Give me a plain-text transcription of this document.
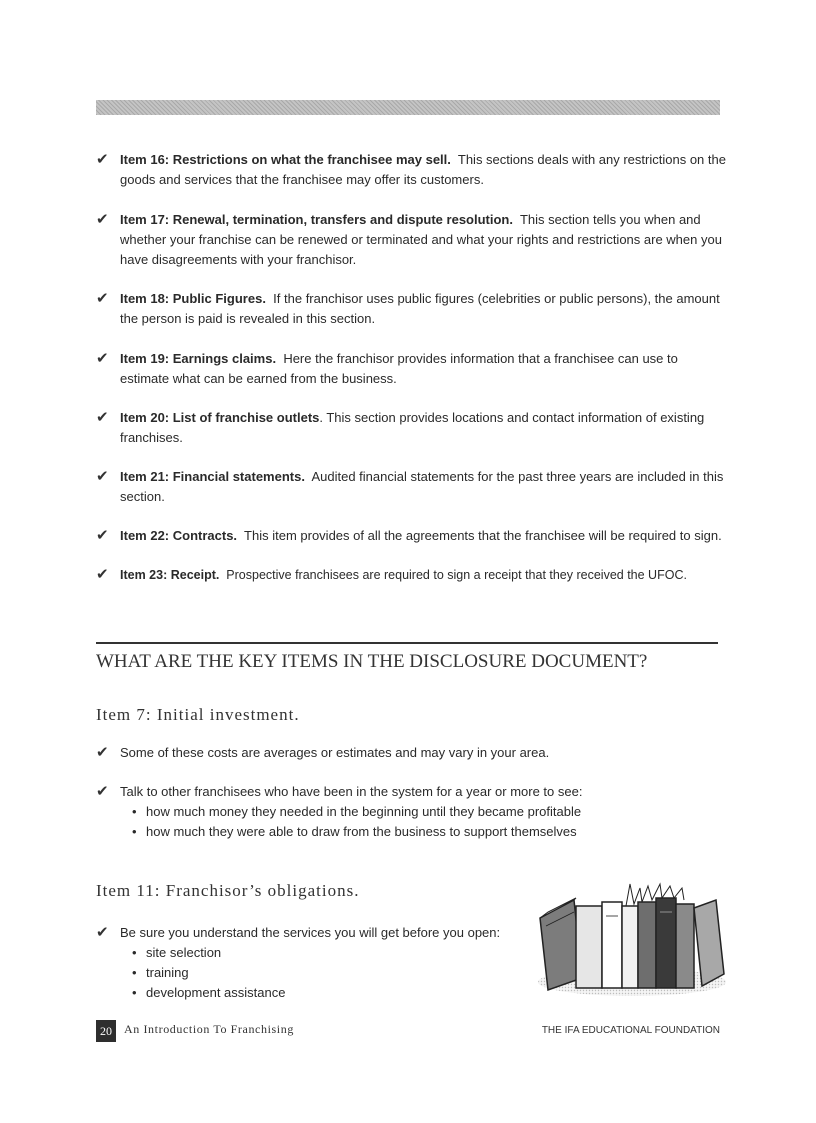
✔ Item 16: Restrictions on what the franchisee may sell. This sections deals with any restrictions on the goods and services that the franchisee may offer its customers.
✔ Item 17: Renewal, termination, transfers and dispute resolution. This section tells you when and whether your franchise can be renewed or terminated and what your rights and restrictions are when you have disagreements with your franchisor.
✔ Item 18: Public Figures. If the franchisor uses public figures (celebrities or public persons), the amount the person is paid is revealed in this section.
✔ Item 19: Earnings claims. Here the franchisor provides information that a franchisee can use to estimate what can be earned from the business.
✔ Item 20: List of franchise outlets. This section provides locations and contact information of existing franchises.
✔ Item 21: Financial statements. Audited financial statements for the past three years are included in this section.
✔ Item 22: Contracts. This item provides of all the agreements that the franchisee will be required to sign.
✔ Item 23: Receipt. Prospective franchisees are required to sign a receipt that they received the UFOC.
WHAT ARE THE KEY ITEMS IN THE DISCLOSURE DOCUMENT?
Item 7: Initial investment.
✔ Some of these costs are averages or estimates and may vary in your area.
✔ Talk to other franchisees who have been in the system for a year or more to see:
• how much money they needed in the beginning until they became profitable
• how much they were able to draw from the business to support themselves
Item 11: Franchisor’s obligations.
✔ Be sure you understand the services you will get before you open:
• site selection
• training
• development assistance
20	An Introduction To Franchising	THE IFA EDUCATIONAL FOUNDATION
